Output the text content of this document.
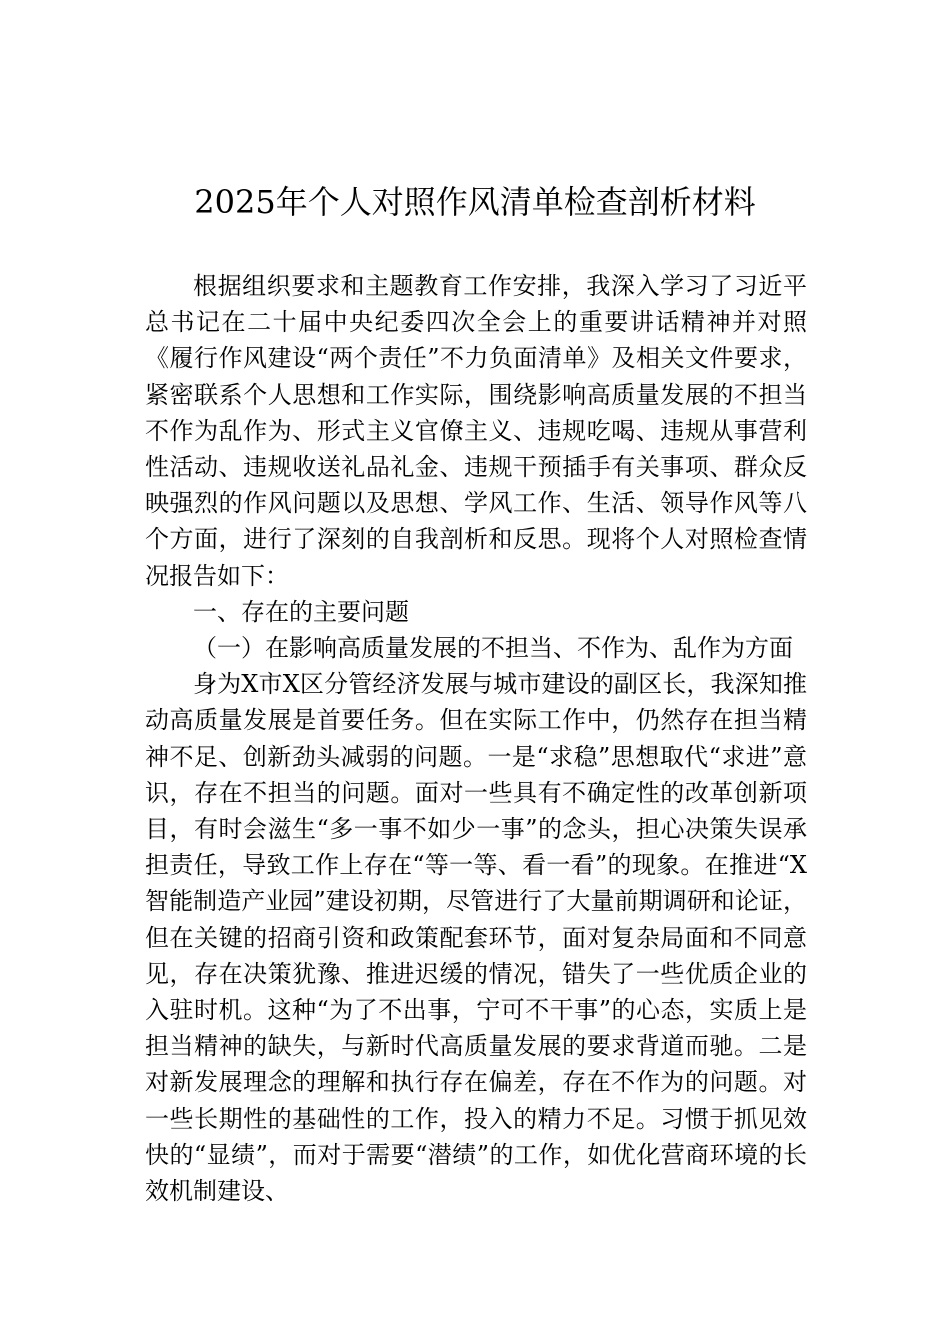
2025年个人对照作风清单检查剖析材料

根据组织要求和主题教育工作安排，我深入学习了习近平总书记在二十届中央纪委四次全会上的重要讲话精神并对照《履行作风建设“两个责任”不力负面清单》及相关文件要求，紧密联系个人思想和工作实际，围绕影响高质量发展的不担当不作为乱作为、形式主义官僚主义、违规吃喝、违规从事营利性活动、违规收送礼品礼金、违规干预插手有关事项、群众反映强烈的作风问题以及思想、学风工作、生活、领导作风等八个方面，进行了深刻的自我剖析和反思。现将个人对照检查情况报告如下：

一、存在的主要问题

（一）在影响高质量发展的不担当、不作为、乱作为方面

身为X市X区分管经济发展与城市建设的副区长，我深知推动高质量发展是首要任务。但在实际工作中，仍然存在担当精神不足、创新劲头减弱的问题。一是“求稳”思想取代“求进”意识，存在不担当的问题。面对一些具有不确定性的改革创新项目，有时会滋生“多一事不如少一事”的念头，担心决策失误承担责任，导致工作上存在“等一等、看一看”的现象。在推进“X智能制造产业园”建设初期，尽管进行了大量前期调研和论证，但在关键的招商引资和政策配套环节，面对复杂局面和不同意见，存在决策犹豫、推进迟缓的情况，错失了一些优质企业的入驻时机。这种“为了不出事，宁可不干事”的心态，实质上是担当精神的缺失，与新时代高质量发展的要求背道而驰。二是对新发展理念的理解和执行存在偏差，存在不作为的问题。对一些长期性的基础性的工作，投入的精力不足。习惯于抓见效快的“显绩”，而对于需要“潜绩”的工作，如优化营商环境的长效机制建设、
